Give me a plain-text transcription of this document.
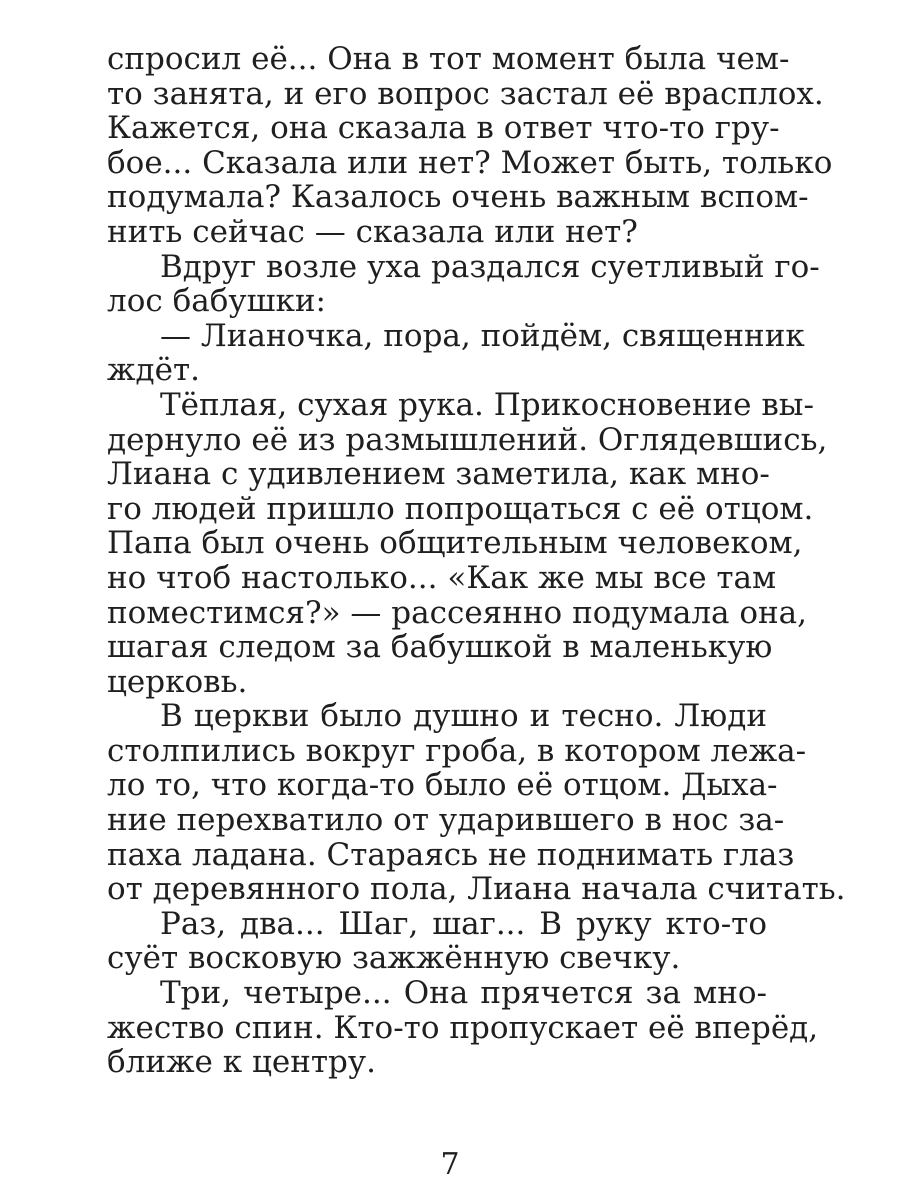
спросил её... Она в тот момент была чем-
то занята, и его вопрос застал её врасплох.
Кажется, она сказала в ответ что-то гру-
бое... Сказала или нет? Может быть, только
подумала? Казалось очень важным вспом-
нить сейчас — сказала или нет?
Вдруг возле уха раздался суетливый го-
лос бабушки:
— Лианочка, пора, пойдём, священник
ждёт.
Тёплая, сухая рука. Прикосновение вы-
дернуло её из размышлений. Оглядевшись,
Лиана с удивлением заметила, как мно-
го людей пришло попрощаться с её отцом.
Папа был очень общительным человеком,
но чтоб настолько... «Как же мы все там
поместимся?» — рассеянно подумала она,
шагая следом за бабушкой в маленькую
церковь.
В церкви было душно и тесно. Люди
столпились вокруг гроба, в котором лежа-
ло то, что когда-то было её отцом. Дыха-
ние перехватило от ударившего в нос за-
паха ладана. Стараясь не поднимать глаз
от деревянного пола, Лиана начала считать.
Раз, два... Шаг, шаг... В руку кто-то
суёт восковую зажжённую свечку.
Три, четыре... Она прячется за мно-
жество спин. Кто-то пропускает её вперёд,
ближе к центру.
7
